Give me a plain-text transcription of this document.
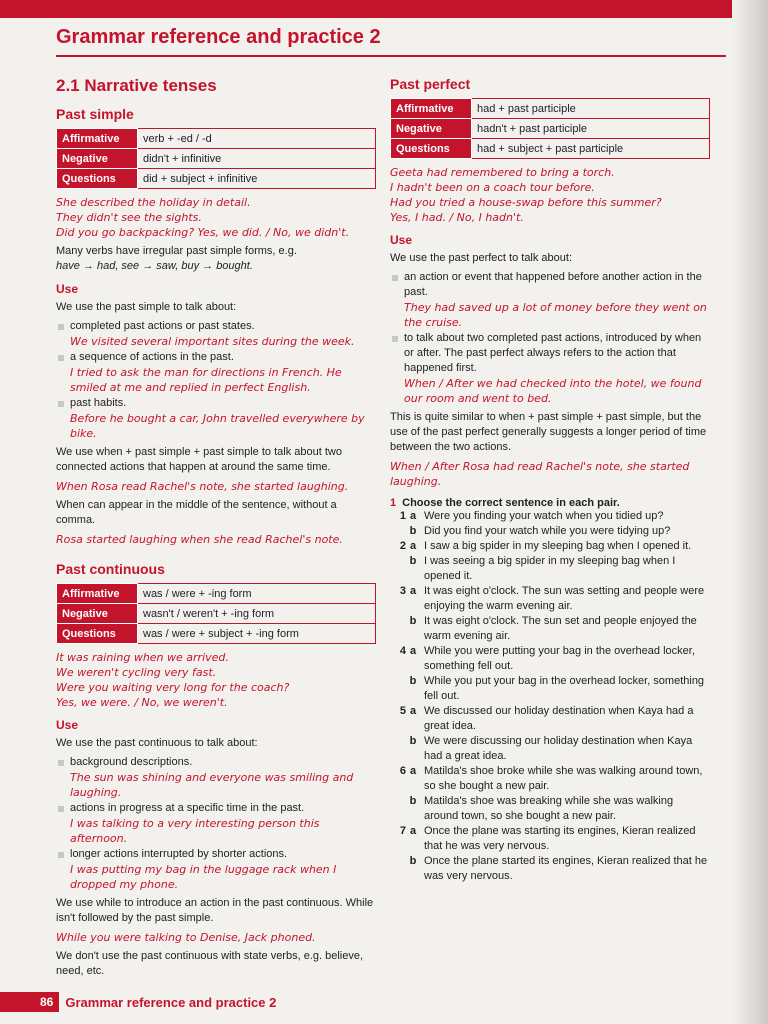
Grammar reference and practice 2
2.1 Narrative tenses
Past simple
Affirmative	verb + -ed / -d
Negative	didn't + infinitive
Questions	did + subject + infinitive
She described the holiday in detail.
They didn't see the sights.
Did you go backpacking? Yes, we did. / No, we didn't.

Many verbs have irregular past simple forms, e.g.
have → had, see → saw, buy → bought.

Use

We use the past simple to talk about:

completed past actions or past states.
We visited several important sites during the week.
a sequence of actions in the past.
I tried to ask the man for directions in French. He smiled at me and replied in perfect English.
past habits.
Before he bought a car, John travelled everywhere by bike.

We use when + past simple + past simple to talk about two connected actions that happen at around the same time.

When Rosa read Rachel's note, she started laughing.

When can appear in the middle of the sentence, without a comma.

Rosa started laughing when she read Rachel's note.
Past continuous
Affirmative	was / were + -ing form
Negative	wasn't / weren't + -ing form
Questions	was / were + subject + -ing form
It was raining when we arrived.
We weren't cycling very fast.
Were you waiting very long for the coach?
Yes, we were. / No, we weren't.
Use

We use the past continuous to talk about:

background descriptions.
The sun was shining and everyone was smiling and laughing.
actions in progress at a specific time in the past.
I was talking to a very interesting person this afternoon.
longer actions interrupted by shorter actions.
I was putting my bag in the luggage rack when I dropped my phone.

We use while to introduce an action in the past continuous. While isn't followed by the past simple.

While you were talking to Denise, Jack phoned.

We don't use the past continuous with state verbs, e.g. believe, need, etc.

Past perfect
Affirmative	had + past participle
Negative	hadn't + past participle
Questions	had + subject + past participle
Geeta had remembered to bring a torch.
I hadn't been on a coach tour before.
Had you tried a house-swap before this summer?
Yes, I had. / No, I hadn't.
Use

We use the past perfect to talk about:

an action or event that happened before another action in the past.
They had saved up a lot of money before they went on the cruise.
to talk about two completed past actions, introduced by when or after. The past perfect always refers to the action that happened first.
When / After we had checked into the hotel, we found our room and went to bed.

This is quite similar to when + past simple + past simple, but the use of the past perfect generally suggests a longer period of time between the two actions.

When / After Rosa had read Rachel's note, she started laughing.
1 Choose the correct sentence in each pair.
1 a Were you finding your watch when you tidied up?
b Did you find your watch while you were tidying up?
2 a I saw a big spider in my sleeping bag when I opened it.
b I was seeing a big spider in my sleeping bag when I opened it.
3 a It was eight o'clock. The sun was setting and people were enjoying the warm evening air.
b It was eight o'clock. The sun set and people enjoyed the warm evening air.
4 a While you were putting your bag in the overhead locker, something fell out.
b While you put your bag in the overhead locker, something fell out.
5 a We discussed our holiday destination when Kaya had a great idea.
b We were discussing our holiday destination when Kaya had a great idea.
6 a Matilda's shoe broke while she was walking around town, so she bought a new pair.
b Matilda's shoe was breaking while she was walking around town, so she bought a new pair.
7 a Once the plane was starting its engines, Kieran realized that he was very nervous.
b Once the plane started its engines, Kieran realized that he was very nervous.
86 Grammar reference and practice 2
